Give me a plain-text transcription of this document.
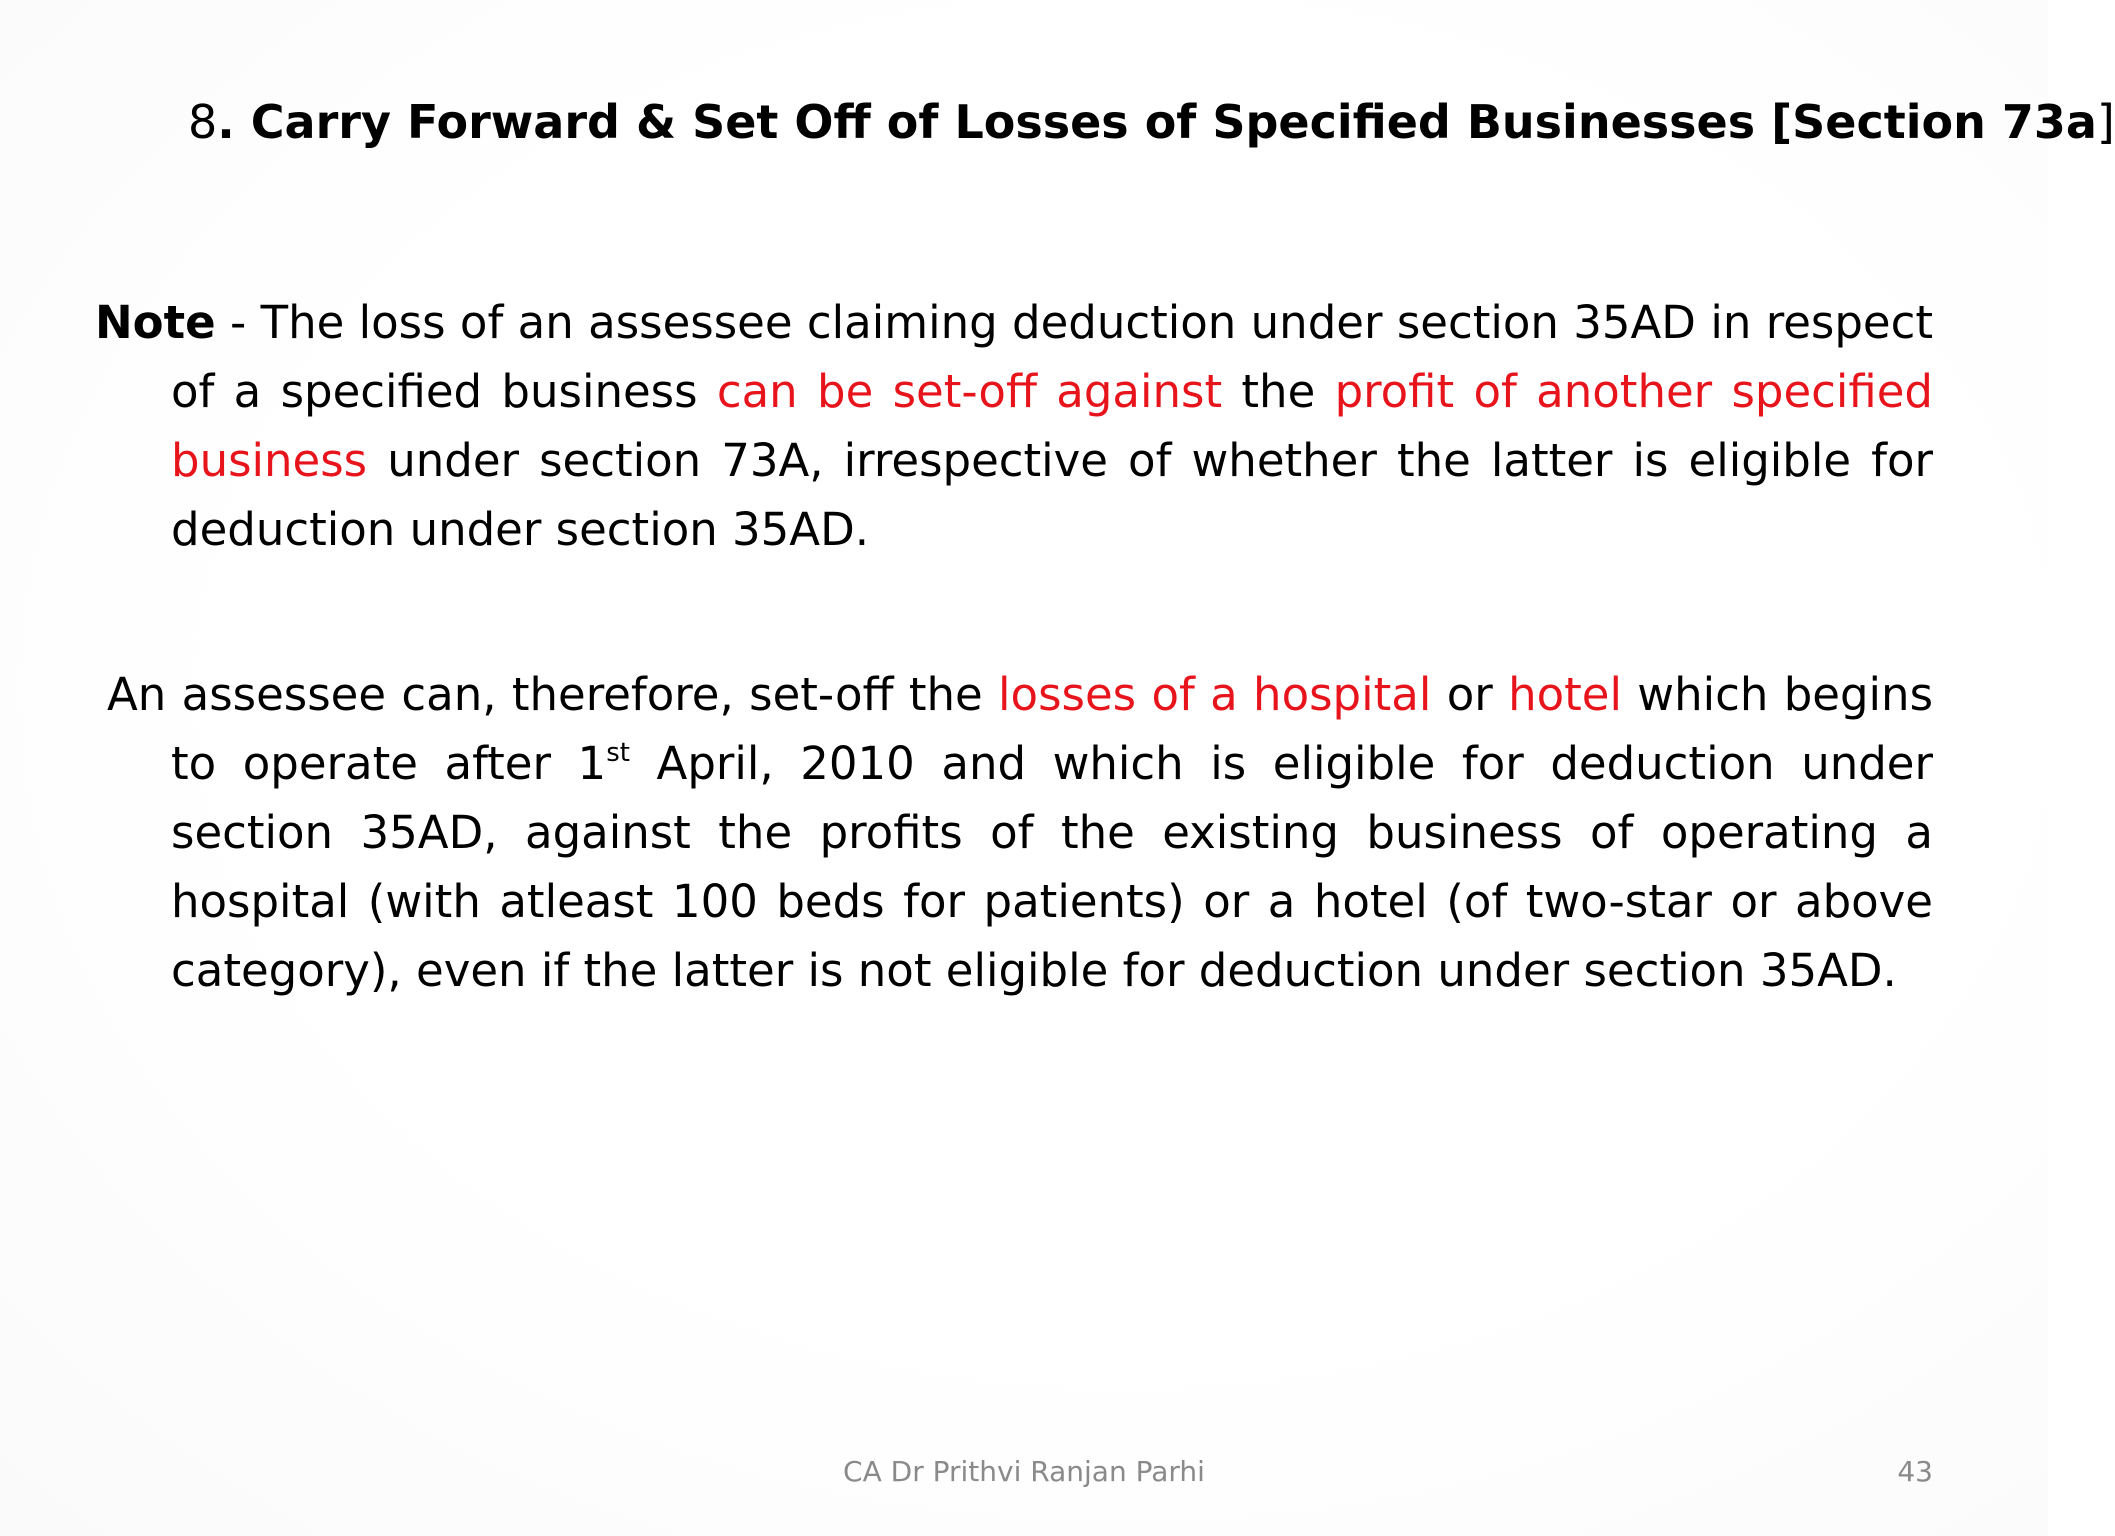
8. Carry Forward & Set Off of Losses of Specified Businesses [Section 73a]
Note - The loss of an assessee claiming deduction under section 35AD in respect of a specified business can be set-off against the profit of another specified business under section 73A, irrespective of whether the latter is eligible for deduction under section 35AD.
An assessee can, therefore, set-off the losses of a hospital or hotel which begins to operate after 1st April, 2010 and which is eligible for deduction under section 35AD, against the profits of the existing business of operating a hospital (with atleast 100 beds for patients) or a hotel (of two-star or above category), even if the latter is not eligible for deduction under section 35AD.
CA Dr Prithvi Ranjan Parhi	43
